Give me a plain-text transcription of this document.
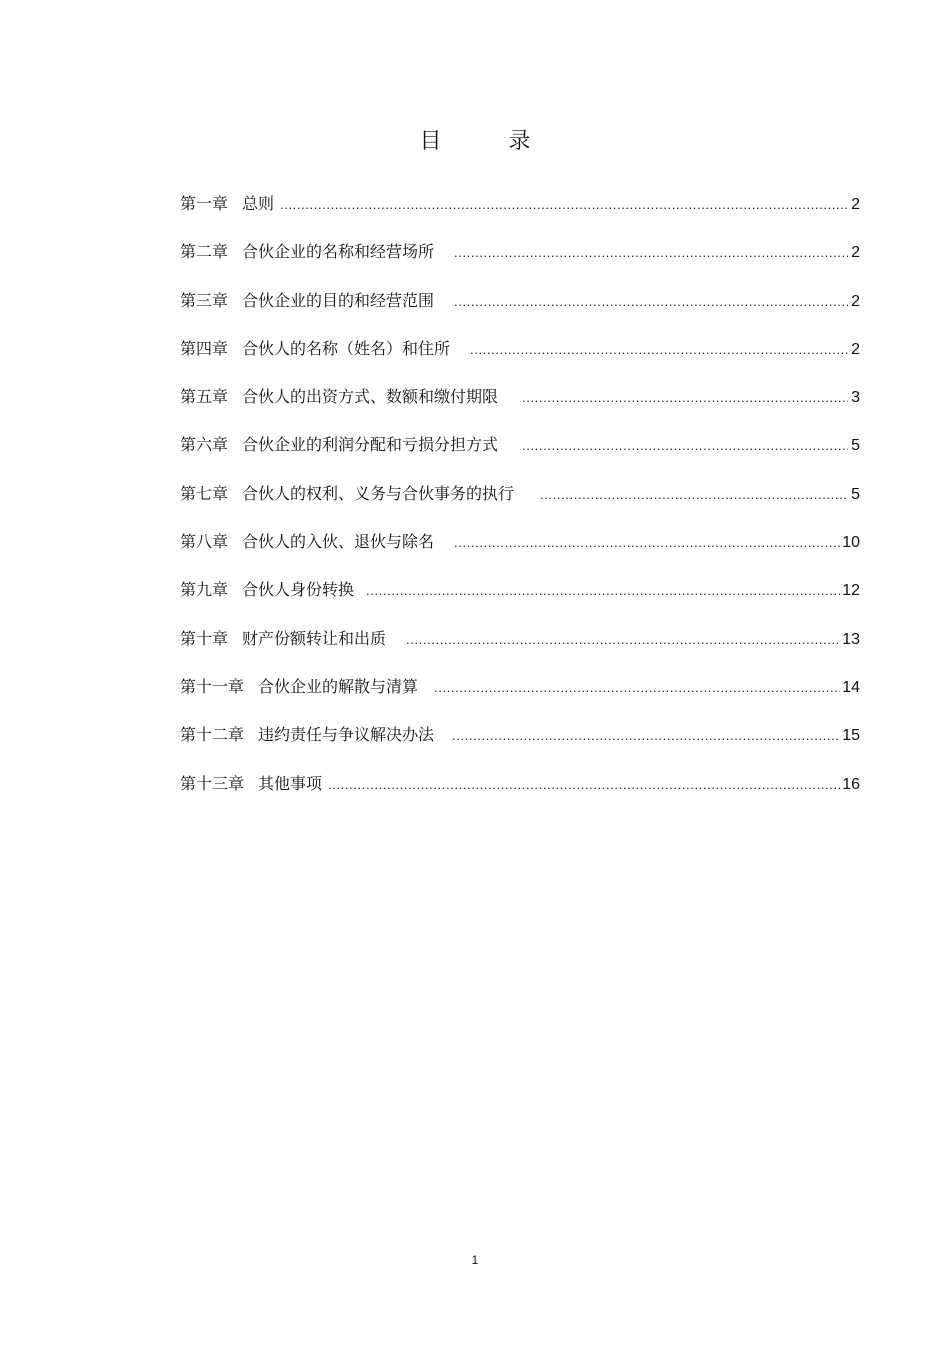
目 录
第一章 总则 .....	2
第二章 合伙企业的名称和经营场所 .....	2
第三章 合伙企业的目的和经营范围 .....	2
第四章 合伙人的名称（姓名）和住所 .....	2
第五章 合伙人的出资方式、数额和缴付期限 .....	3
第六章 合伙企业的利润分配和亏损分担方式 .....	5
第七章 合伙人的权利、义务与合伙事务的执行 .....	5
第八章 合伙人的入伙、退伙与除名 .....	10
第九章 合伙人身份转换 .....	12
第十章 财产份额转让和出质 .....	13
第十一章 合伙企业的解散与清算 .....	14
第十二章 违约责任与争议解决办法 .....	15
第十三章 其他事项 .....	16
1
